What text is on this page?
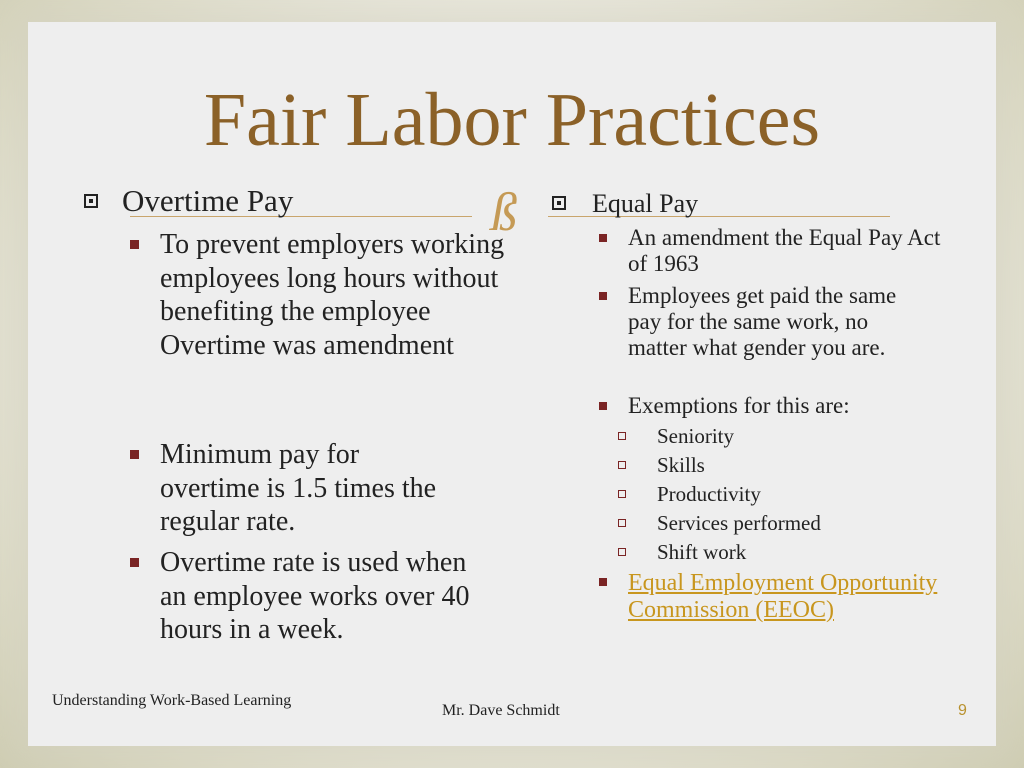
Fair Labor Practices
ß
Overtime Pay
To prevent employers working employees long hours without benefiting the employee Overtime was amendment
Minimum pay for overtime is 1.5 times the regular rate.
Overtime rate is used when an employee works over 40 hours in a week.
Equal Pay
An amendment the Equal Pay Act of 1963
Employees get paid the same pay for the same work, no matter what gender you are.
Exemptions for this are:
Seniority
Skills
Productivity
Services performed
Shift work
Equal Employment Opportunity Commission (EEOC)
Understanding Work-Based Learning
Mr. Dave Schmidt	9
